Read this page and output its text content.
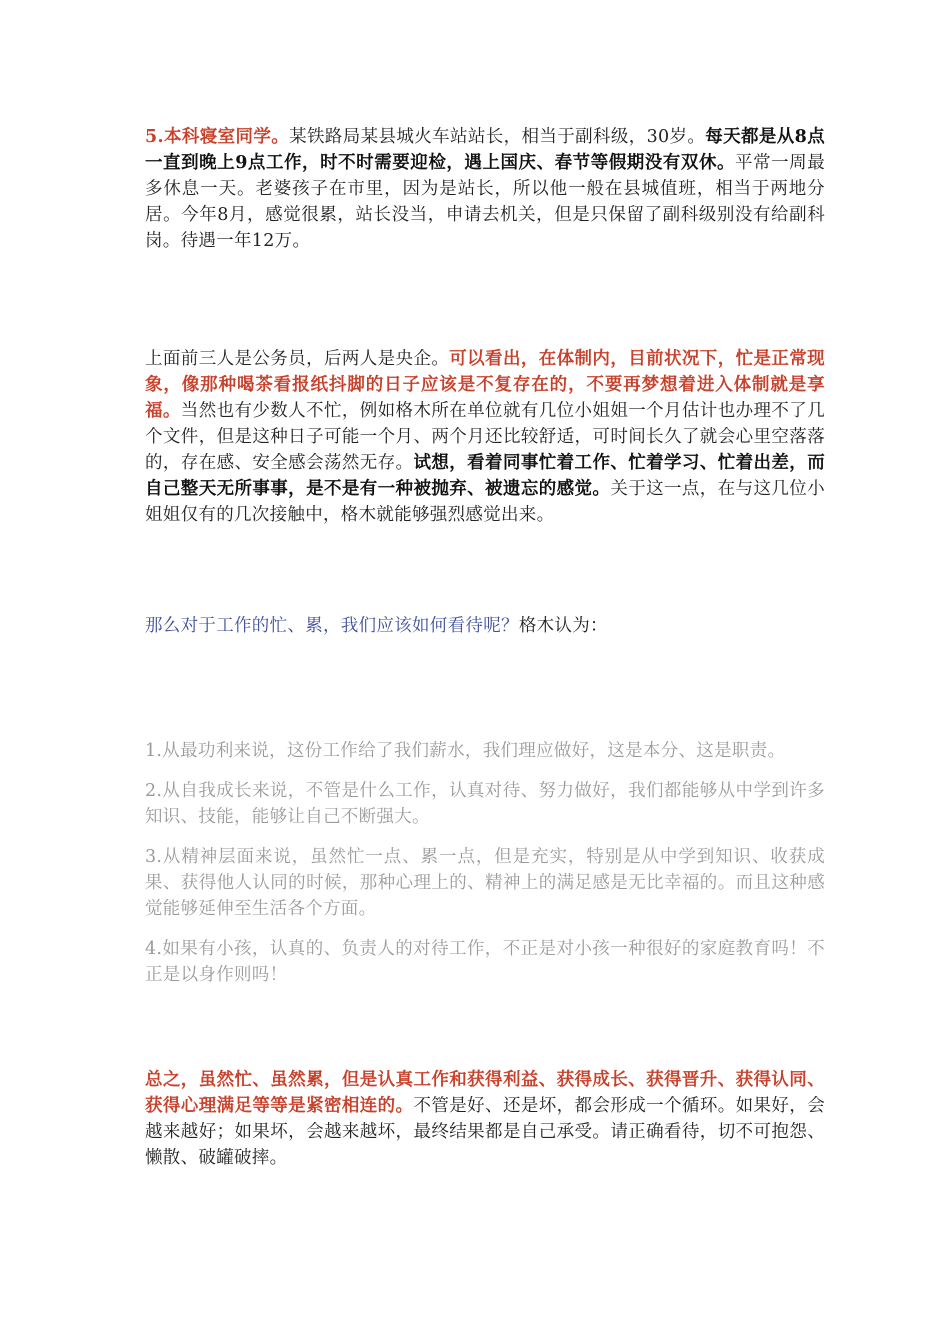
5.本科寝室同学。某铁路局某县城火车站站长，相当于副科级，30岁。每天都是从8点一直到晚上9点工作，时不时需要迎检，遇上国庆、春节等假期没有双休。平常一周最多休息一天。老婆孩子在市里，因为是站长，所以他一般在县城值班，相当于两地分居。今年8月，感觉很累，站长没当，申请去机关，但是只保留了副科级别没有给副科岗。待遇一年12万。

上面前三人是公务员，后两人是央企。可以看出，在体制内，目前状况下，忙是正常现象，像那种喝茶看报纸抖脚的日子应该是不复存在的，不要再梦想着进入体制就是享福。当然也有少数人不忙，例如格木所在单位就有几位小姐姐一个月估计也办理不了几个文件，但是这种日子可能一个月、两个月还比较舒适，可时间长久了就会心里空落落的，存在感、安全感会荡然无存。试想，看着同事忙着工作、忙着学习、忙着出差，而自己整天无所事事，是不是有一种被抛弃、被遗忘的感觉。关于这一点，在与这几位小姐姐仅有的几次接触中，格木就能够强烈感觉出来。

那么对于工作的忙、累，我们应该如何看待呢？格木认为：

1.从最功利来说，这份工作给了我们薪水，我们理应做好，这是本分、这是职责。

2.从自我成长来说，不管是什么工作，认真对待、努力做好，我们都能够从中学到许多知识、技能，能够让自己不断强大。

3.从精神层面来说，虽然忙一点、累一点，但是充实，特别是从中学到知识、收获成果、获得他人认同的时候，那种心理上的、精神上的满足感是无比幸福的。而且这种感觉能够延伸至生活各个方面。

4.如果有小孩，认真的、负责人的对待工作，不正是对小孩一种很好的家庭教育吗！不正是以身作则吗！

总之，虽然忙、虽然累，但是认真工作和获得利益、获得成长、获得晋升、获得认同、获得心理满足等等是紧密相连的。不管是好、还是坏，都会形成一个循环。如果好，会越来越好；如果坏，会越来越坏，最终结果都是自己承受。请正确看待，切不可抱怨、懒散、破罐破摔。
